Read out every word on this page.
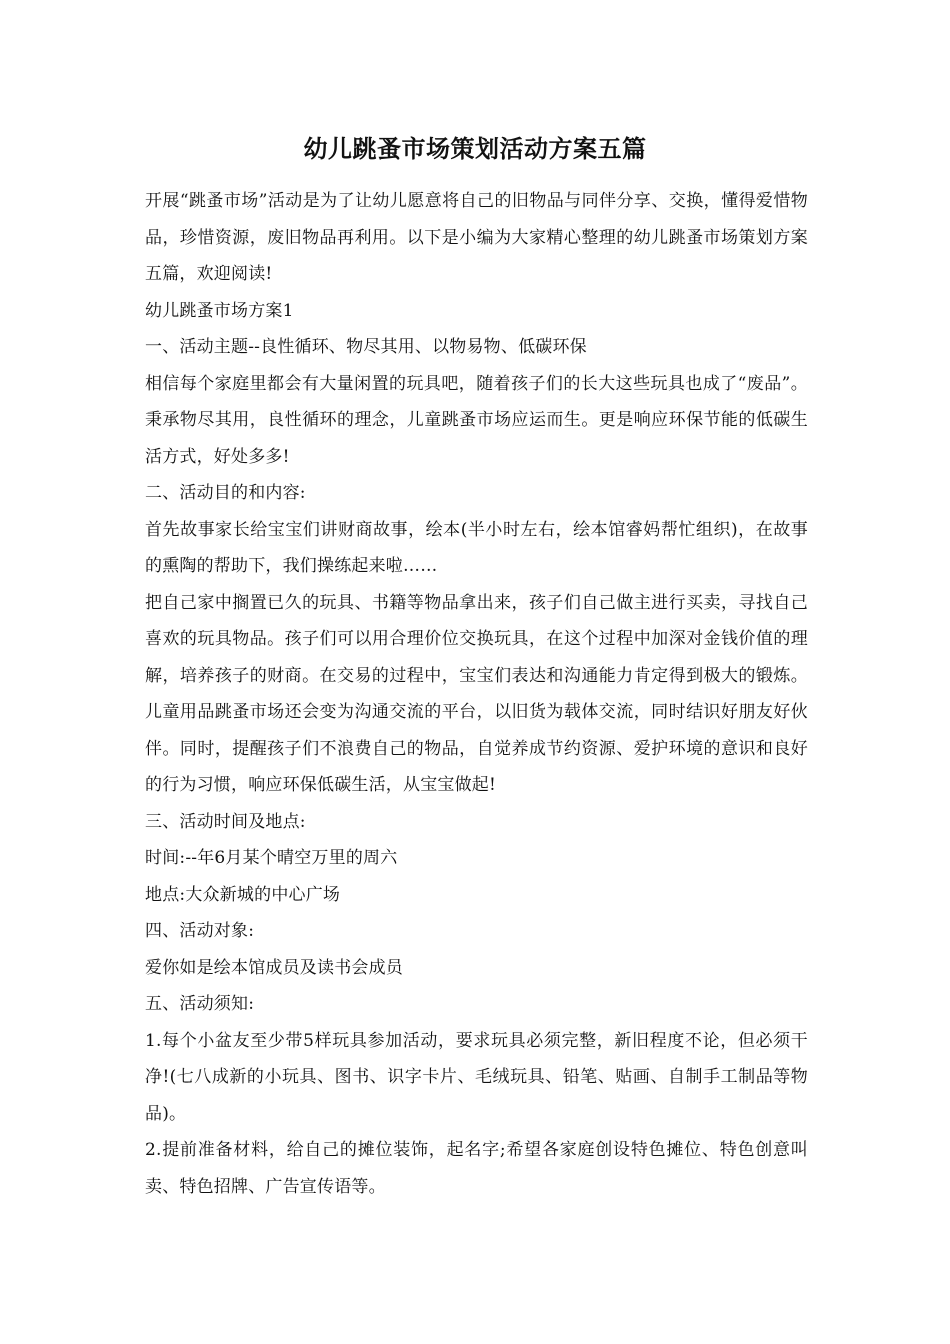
幼儿跳蚤市场策划活动方案五篇

开展“跳蚤市场”活动是为了让幼儿愿意将自己的旧物品与同伴分享、交换，懂得爱惜物品，珍惜资源，废旧物品再利用。以下是小编为大家精心整理的幼儿跳蚤市场策划方案五篇，欢迎阅读!

幼儿跳蚤市场方案1

一、活动主题--良性循环、物尽其用、以物易物、低碳环保

相信每个家庭里都会有大量闲置的玩具吧，随着孩子们的长大这些玩具也成了“废品”。秉承物尽其用，良性循环的理念，儿童跳蚤市场应运而生。更是响应环保节能的低碳生活方式，好处多多!

二、活动目的和内容:

首先故事家长给宝宝们讲财商故事，绘本(半小时左右，绘本馆睿妈帮忙组织)，在故事的熏陶的帮助下，我们操练起来啦……

把自己家中搁置已久的玩具、书籍等物品拿出来，孩子们自己做主进行买卖，寻找自己喜欢的玩具物品。孩子们可以用合理价位交换玩具，在这个过程中加深对金钱价值的理解，培养孩子的财商。在交易的过程中，宝宝们表达和沟通能力肯定得到极大的锻炼。儿童用品跳蚤市场还会变为沟通交流的平台，以旧货为载体交流，同时结识好朋友好伙伴。同时，提醒孩子们不浪费自己的物品，自觉养成节约资源、爱护环境的意识和良好的行为习惯，响应环保低碳生活，从宝宝做起!

三、活动时间及地点:

时间:--年6月某个晴空万里的周六

地点:大众新城的中心广场

四、活动对象:

爱你如是绘本馆成员及读书会成员

五、活动须知:

1.每个小盆友至少带5样玩具参加活动，要求玩具必须完整，新旧程度不论，但必须干净!(七八成新的小玩具、图书、识字卡片、毛绒玩具、铅笔、贴画、自制手工制品等物品)。

2.提前准备材料，给自己的摊位装饰，起名字;希望各家庭创设特色摊位、特色创意叫卖、特色招牌、广告宣传语等。
